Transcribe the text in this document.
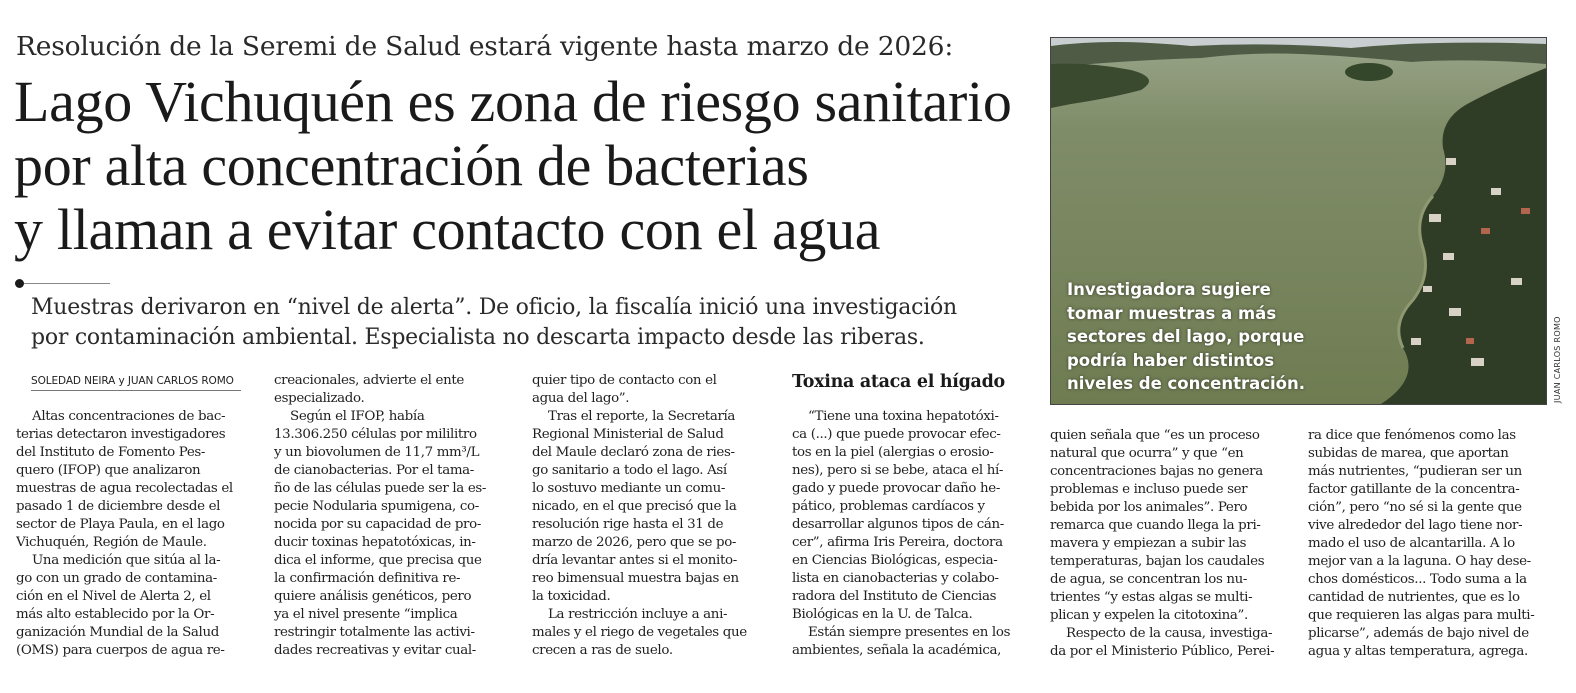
Resolución de la Seremi de Salud estará vigente hasta marzo de 2026:
Lago Vichuquén es zona de riesgo sanitario
por alta concentración de bacterias
y llaman a evitar contacto con el agua
Muestras derivaron en “nivel de alerta”. De oficio, la fiscalía inició una investigación
por contaminación ambiental. Especialista no descarta impacto desde las riberas.
Investigadora sugiere
tomar muestras a más
sectores del lago, porque
podría haber distintos
niveles de concentración.	JUAN CARLOS ROMO
SOLEDAD NEIRA y JUAN CARLOS ROMO	Toxina ataca el hígado

Altas concentraciones de bac-
terias detectaron investigadores
del Instituto de Fomento Pes-
quero (IFOP) que analizaron
muestras de agua recolectadas el
pasado 1 de diciembre desde el
sector de Playa Paula, en el lago
Vichuquén, Región de Maule.

Una medición que sitúa al la-
go con un grado de contamina-
ción en el Nivel de Alerta 2, el
más alto establecido por la Or-
ganización Mundial de la Salud
(OMS) para cuerpos de agua re-

creacionales, advierte el ente
especializado.

Según el IFOP, había
13.306.250 células por mililitro
y un biovolumen de 11,7 mm³/L
de cianobacterias. Por el tama-
ño de las células puede ser la es-
pecie Nodularia spumigena, co-
nocida por su capacidad de pro-
ducir toxinas hepatotóxicas, in-
dica el informe, que precisa que
la confirmación definitiva re-
quiere análisis genéticos, pero
ya el nivel presente “implica
restringir totalmente las activi-
dades recreativas y evitar cual-

quier tipo de contacto con el
agua del lago”.

Tras el reporte, la Secretaría
Regional Ministerial de Salud
del Maule declaró zona de ries-
go sanitario a todo el lago. Así
lo sostuvo mediante un comu-
nicado, en el que precisó que la
resolución rige hasta el 31 de
marzo de 2026, pero que se po-
dría levantar antes si el monito-
reo bimensual muestra bajas en
la toxicidad.

La restricción incluye a ani-
males y el riego de vegetales que
crecen a ras de suelo.

“Tiene una toxina hepatotóxi-
ca (...) que puede provocar efec-
tos en la piel (alergias o erosio-
nes), pero si se bebe, ataca el hí-
gado y puede provocar daño he-
pático, problemas cardíacos y
desarrollar algunos tipos de cán-
cer”, afirma Iris Pereira, doctora
en Ciencias Biológicas, especia-
lista en cianobacterias y colabo-
radora del Instituto de Ciencias
Biológicas en la U. de Talca.

Están siempre presentes en los
ambientes, señala la académica,

quien señala que “es un proceso
natural que ocurra” y que “en
concentraciones bajas no genera
problemas e incluso puede ser
bebida por los animales”. Pero
remarca que cuando llega la pri-
mavera y empiezan a subir las
temperaturas, bajan los caudales
de agua, se concentran los nu-
trientes “y estas algas se multi-
plican y expelen la citotoxina”.

Respecto de la causa, investiga-
da por el Ministerio Público, Perei-

ra dice que fenómenos como las
subidas de marea, que aportan
más nutrientes, “pudieran ser un
factor gatillante de la concentra-
ción”, pero “no sé si la gente que
vive alrededor del lago tiene nor-
mado el uso de alcantarilla. A lo
mejor van a la laguna. O hay dese-
chos domésticos... Todo suma a la
cantidad de nutrientes, que es lo
que requieren las algas para multi-
plicarse”, además de bajo nivel de
agua y altas temperatura, agrega.
